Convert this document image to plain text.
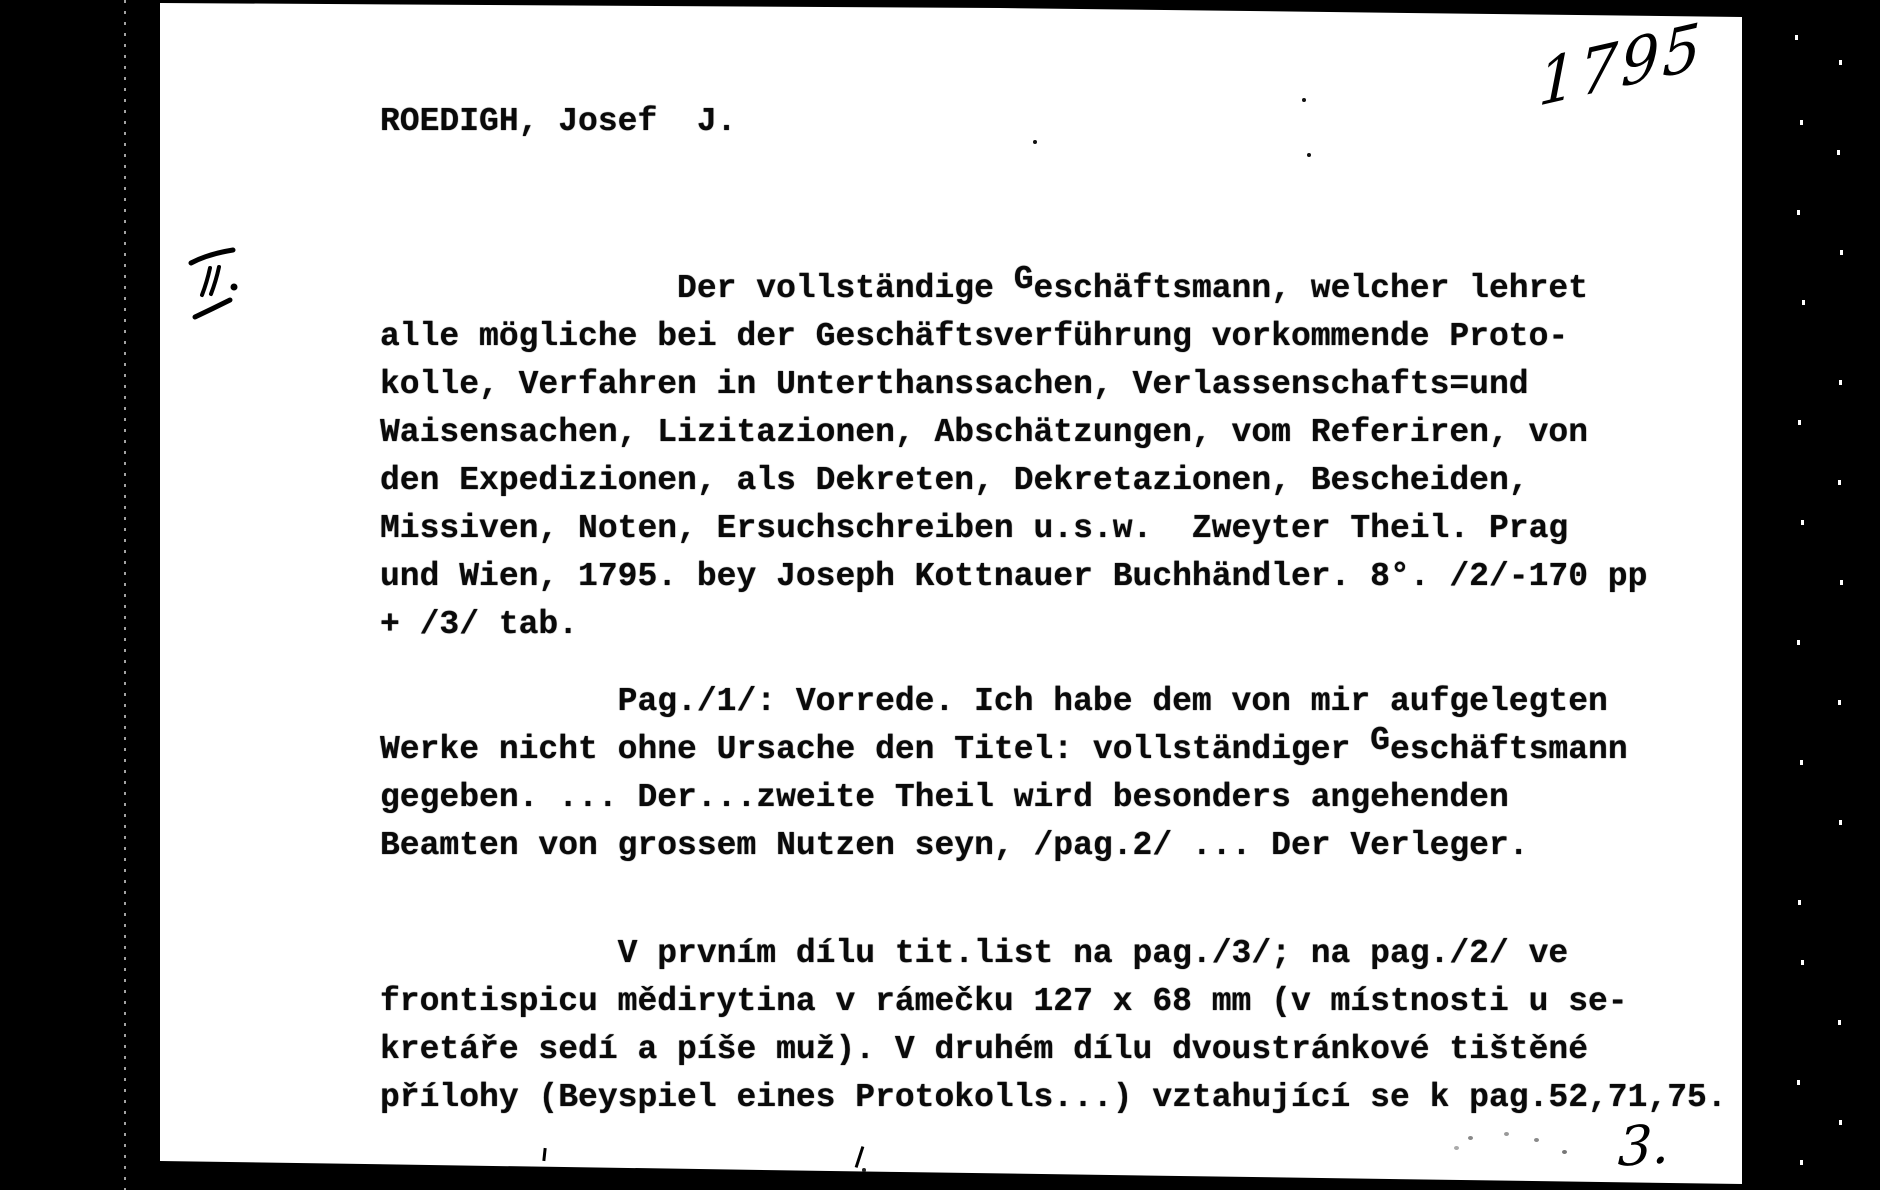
1795
ROEDIGH, Josef  J.
Der vollständige Geschäftsmann, welcher lehret
alle mögliche bei der Geschäftsverführung vorkommende Proto-
kolle, Verfahren in Unterthanssachen, Verlassenschafts=und
Waisensachen, Lizitazionen, Abschätzungen, vom Referiren, von
den Expedizionen, als Dekreten, Dekretazionen, Bescheiden,
Missiven, Noten, Ersuchschreiben u.s.w.  Zweyter Theil. Prag
und Wien, 1795. bey Joseph Kottnauer Buchhändler. 8°. /2/-170 pp
+ /3/ tab.
Pag./1/: Vorrede. Ich habe dem von mir aufgelegten
Werke nicht ohne Ursache den Titel: vollständiger Geschäftsmann
gegeben. ... Der...zweite Theil wird besonders angehenden
Beamten von grossem Nutzen seyn, /pag.2/ ... Der Verleger.
V prvním dílu tit.list na pag./3/; na pag./2/ ve
frontispicu mědirytina v rámečku 127 x 68 mm (v místnosti u se-
kretáře sedí a píše muž). V druhém dílu dvoustránkové tištěné
přílohy (Beyspiel eines Protokolls...) vztahující se k pag.52,71,75.
3.
